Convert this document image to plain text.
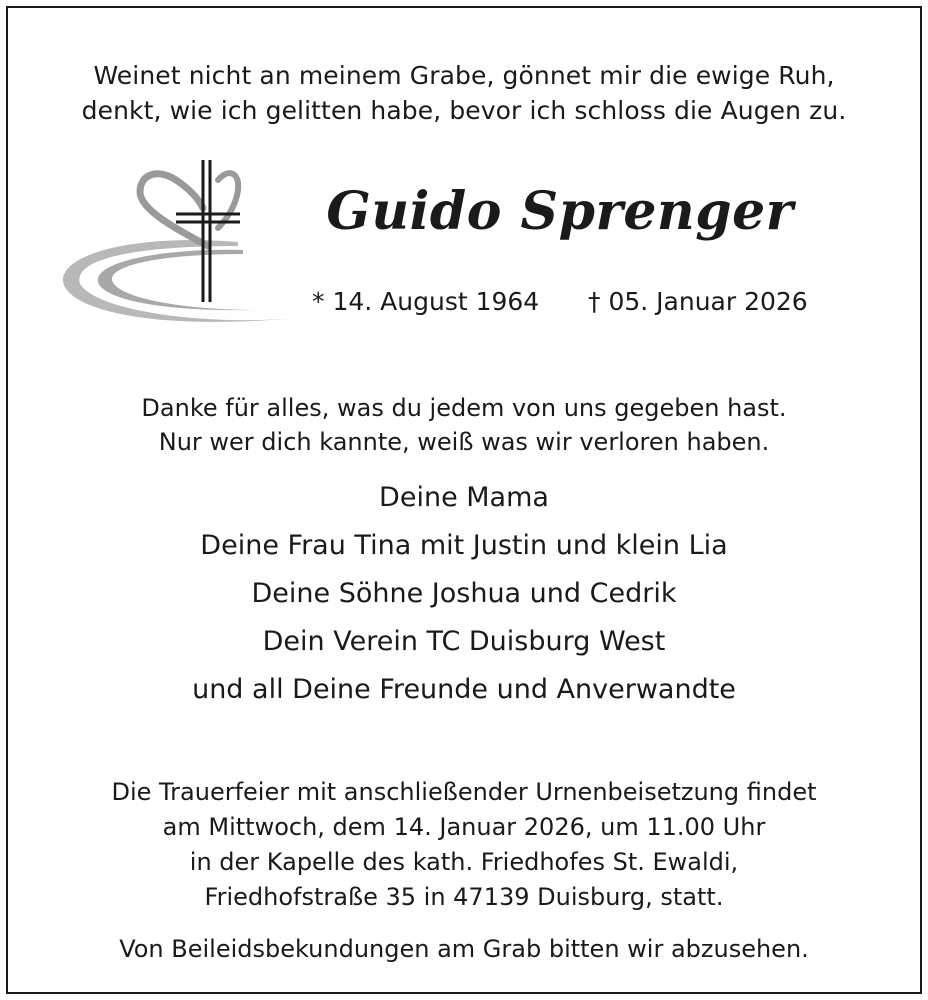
Weinet nicht an meinem Grabe, gönnet mir die ewige Ruh,
denkt, wie ich gelitten habe, bevor ich schloss die Augen zu.
Guido Sprenger
* 14. August 1964 † 05. Januar 2026
Danke für alles, was du jedem von uns gegeben hast.
Nur wer dich kannte, weiß was wir verloren haben.
Deine Mama
Deine Frau Tina mit Justin und klein Lia
Deine Söhne Joshua und Cedrik
Dein Verein TC Duisburg West
und all Deine Freunde und Anverwandte
Die Trauerfeier mit anschließender Urnenbeisetzung findet
am Mittwoch, dem 14. Januar 2026, um 11.00 Uhr
in der Kapelle des kath. Friedhofes St. Ewaldi,
Friedhofstraße 35 in 47139 Duisburg, statt.
Von Beileidsbekundungen am Grab bitten wir abzusehen.
